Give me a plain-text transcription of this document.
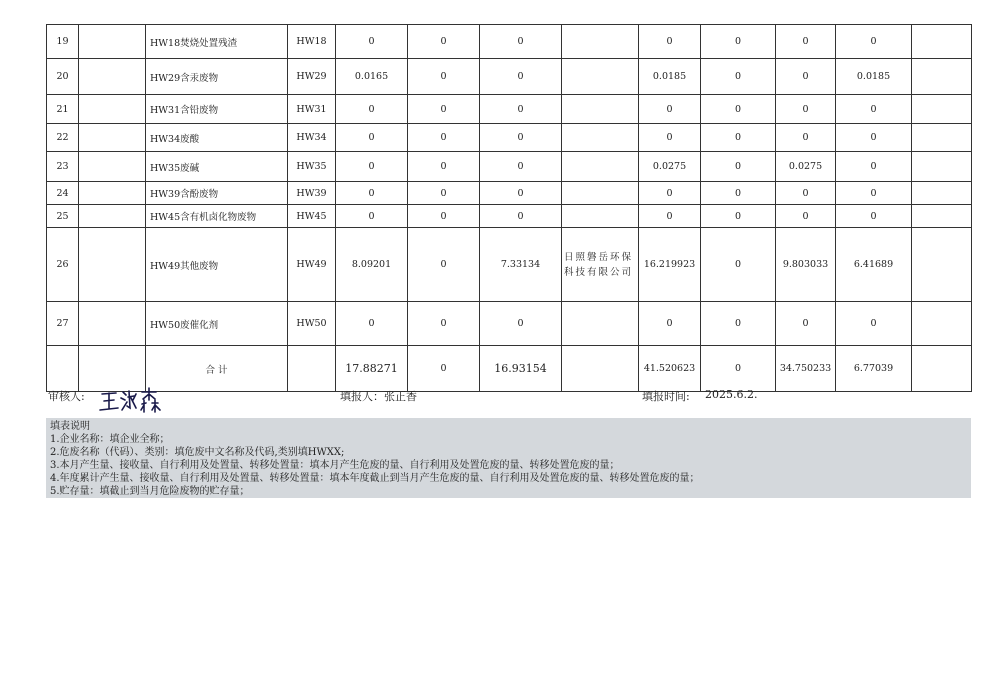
19		HW18焚烧处置残渣	HW18	0	0	0		0	0	0	0	
20		HW29含汞废物	HW29	0.0165	0	0		0.0185	0	0	0.0185	
21		HW31含铅废物	HW31	0	0	0		0	0	0	0	
22		HW34废酸	HW34	0	0	0		0	0	0	0	
23		HW35废碱	HW35	0	0	0		0.0275	0	0.0275	0	
24		HW39含酚废物	HW39	0	0	0		0	0	0	0	
25		HW45含有机卤化物废物	HW45	0	0	0		0	0	0	0	
26		HW49其他废物	HW49	8.09201	0	7.33134	日照磐岳环保科技有限公司	16.219923	0	9.803033	6.41689	
27		HW50废催化剂	HW50	0	0	0		0	0	0	0	
		合 计		17.88271	0	16.93154		41.520623	0	34.750233	6.77039	
审核人:	填报人：张正香	填报时间: 2025.6.2.
填表说明
1.企业名称：填企业全称；
2.危废名称（代码）、类别：填危废中文名称及代码,类别填HWXX;
3.本月产生量、接收量、自行利用及处置量、转移处置量：填本月产生危废的量、自行利用及处置危废的量、转移处置危废的量；
4.年度累计产生量、接收量、自行利用及处置量、转移处置量：填本年度截止到当月产生危废的量、自行利用及处置危废的量、转移处置危废的量；
5.贮存量：填截止到当月危险废物的贮存量；
